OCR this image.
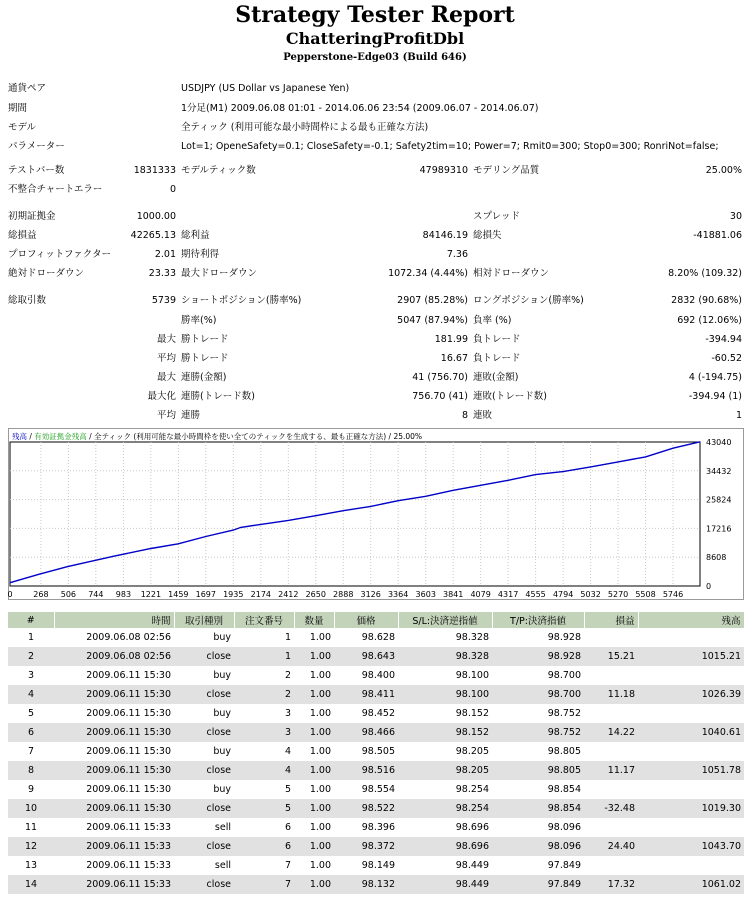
Strategy Tester Report
ChatteringProfitDbl
Pepperstone-Edge03 (Build 646)
通貨ペア	USDJPY (US Dollar vs Japanese Yen)
期間	1分足(M1) 2009.06.08 01:01 - 2014.06.06 23:54 (2009.06.07 - 2014.06.07)
モデル	全ティック (利用可能な最小時間枠による最も正確な方法)
パラメーター	Lot=1; OpeneSafety=0.1; CloseSafety=-0.1; Safety2tim=10; Power=7; Rmit0=300; Stop0=300; RonriNot=false;
テストバー数	1831333 モデルティック数	47989310 モデリング品質	25.00%
不整合チャートエラー	0
初期証拠金	1000.00	スプレッド	30
総損益	42265.13 総利益	84146.19 総損失	-41881.06
プロフィットファクター	2.01 期待利得	7.36
絶対ドローダウン	23.33 最大ドローダウン	1072.34 (4.44%) 相対ドローダウン	8.20% (109.32)
総取引数	5739 ショートポジション(勝率%)	2907 (85.28%) ロングポジション(勝率%)	2832 (90.68%)
勝率(%)	5047 (87.94%) 負率 (%)	692 (12.06%)
最大 勝トレード	181.99 負トレード	-394.94
平均 勝トレード	16.67 負トレード	-60.52
最大 連勝(金額)	41 (756.70) 連敗(金額)	4 (-194.75)
最大化 連勝(トレード数)	756.70 (41) 連敗(トレード数)	-394.94 (1)
平均 連勝	8 連敗	1
0	268 506 744 983 1221 1459 1697 1935 2174 2412 2650 2888 3126 3364 3603 3841 4079 4317 4555 4794 5032 5270 5508 5746
43040
34432
25824
17216
8608
0
残高 / 有効証拠金残高 / 全ティック (利用可能な最小時間枠を使い全てのティックを生成する、最も正確な方法) / 25.00%
#	時間	取引種別	注文番号	数量	価格	S/L:決済逆指値	T/P:決済指値	損益	残高
1	2009.06.08 02:56	buy	1	1.00	98.628	98.328	98.928		
2	2009.06.08 02:56	close	1	1.00	98.643	98.328	98.928	15.21	1015.21
3	2009.06.11 15:30	buy	2	1.00	98.400	98.100	98.700		
4	2009.06.11 15:30	close	2	1.00	98.411	98.100	98.700	11.18	1026.39
5	2009.06.11 15:30	buy	3	1.00	98.452	98.152	98.752		
6	2009.06.11 15:30	close	3	1.00	98.466	98.152	98.752	14.22	1040.61
7	2009.06.11 15:30	buy	4	1.00	98.505	98.205	98.805		
8	2009.06.11 15:30	close	4	1.00	98.516	98.205	98.805	11.17	1051.78
9	2009.06.11 15:30	buy	5	1.00	98.554	98.254	98.854		
10	2009.06.11 15:30	close	5	1.00	98.522	98.254	98.854	-32.48	1019.30
11	2009.06.11 15:33	sell	6	1.00	98.396	98.696	98.096		
12	2009.06.11 15:33	close	6	1.00	98.372	98.696	98.096	24.40	1043.70
13	2009.06.11 15:33	sell	7	1.00	98.149	98.449	97.849		
14	2009.06.11 15:33	close	7	1.00	98.132	98.449	97.849	17.32	1061.02
